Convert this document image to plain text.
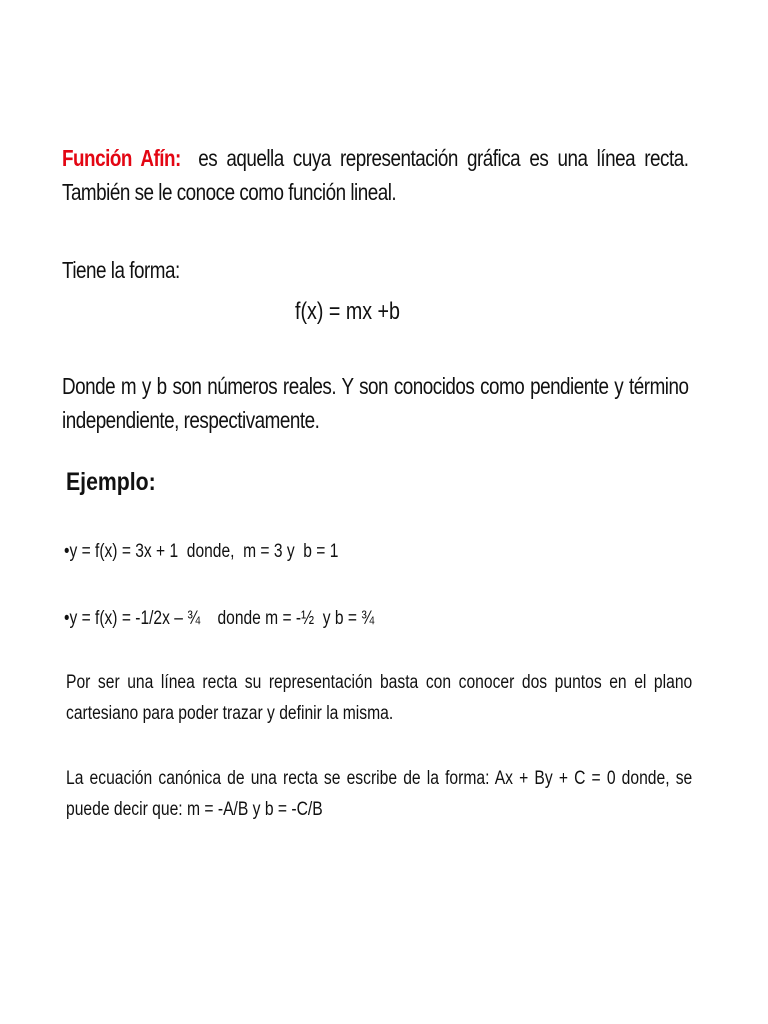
Función Afín: es aquella cuya representación gráfica es una línea recta. También se le conoce como función lineal.
Tiene la forma:
f(x) = mx +b
Donde m y b son números reales. Y son conocidos como pendiente y término independiente, respectivamente.
Ejemplo:
•y = f(x) = 3x + 1  donde,  m = 3 y  b = 1
•y = f(x) = -1/2x – ¾    donde m = -½  y b = ¾
Por ser una línea recta su representación basta con conocer dos puntos en el plano cartesiano para poder trazar y definir la misma.
La ecuación canónica de una recta se escribe de la forma: Ax + By + C = 0 donde, se puede decir que: m = -A/B y b = -C/B
